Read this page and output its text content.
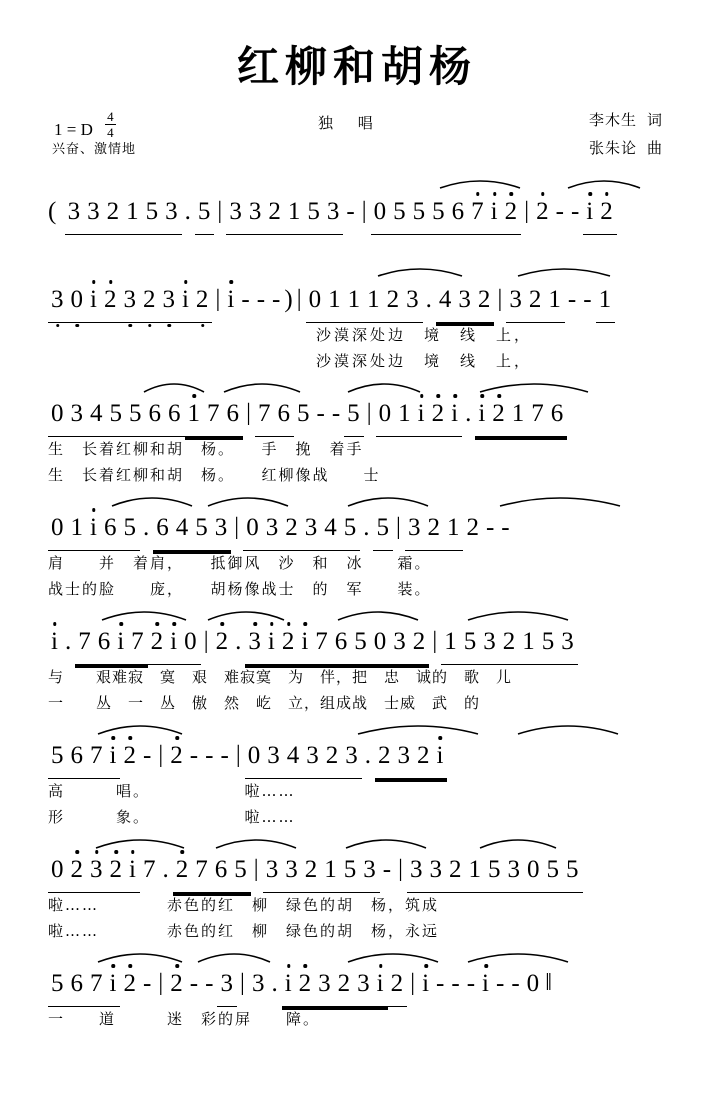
红柳和胡杨
1 = D $\frac{4}{4}$
兴奋、激情地
独 唱	李木生 词
张朱论 曲
( 3 3 2 1 5 3 . 5 | 3 3 2 1 5 3 - | 0 5 5 5 6 7 i 2 | 2 - - i 2
3 0 i 2 3 2 3 i 2 | i - - - ) | 0 1 1 1 2 3 . 4 3 2 | 3 2 1 - - 1
沙漠深处边　境　线　上，
沙漠深处边　境　线　上，
0 3 4 5 5 6 6 1 7 6 | 7 6 5 - - 5 | 0 1 i 2 i . i 2 1 7 6
生　长着红柳和胡　杨。　　手　挽　着手
生　长着红柳和胡　杨。　　红柳像战　　士
0 1 i 6 5 . 6 4 5 3 | 0 3 2 3 4 5 . 5 | 3 2 1 2 - -
肩　　并　着肩，　　抵御风　沙　和　冰　　霜。
战士的脸　　庞，　　胡杨像战士　的　军　　装。
i . 7 6 i 7 2 i 0 | 2 . 3 i 2 i 7 6 5 0 3 2 | 1 5 3 2 1 5 3
与　　艰难寂　寞　艰　难寂寞　为　伴，把　忠　诚的　歌　儿
一　　丛　一　丛　傲　然　屹　立，组成战　士威　武　的
5 6 7 i 2 - | 2 - - - | 0 3 4 3 2 3 . 2 3 2 i
高　　　唱。　　　　　　啦……
形　　　象。　　　　　　啦……
0 2 3 2 i 7 . 2 7 6 5 | 3 3 2 1 5 3 - | 3 3 2 1 5 3 0 5 5
啦……　　　　赤色的红　柳　绿色的胡　杨，筑成
啦……　　　　赤色的红　柳　绿色的胡　杨，永远
5 6 7 i 2 - | 2 - - 3 | 3 . i 2 3 2 3 i 2 | i - - - i - - 0 ‖
一　　道　　　迷　彩的屏　　障。
